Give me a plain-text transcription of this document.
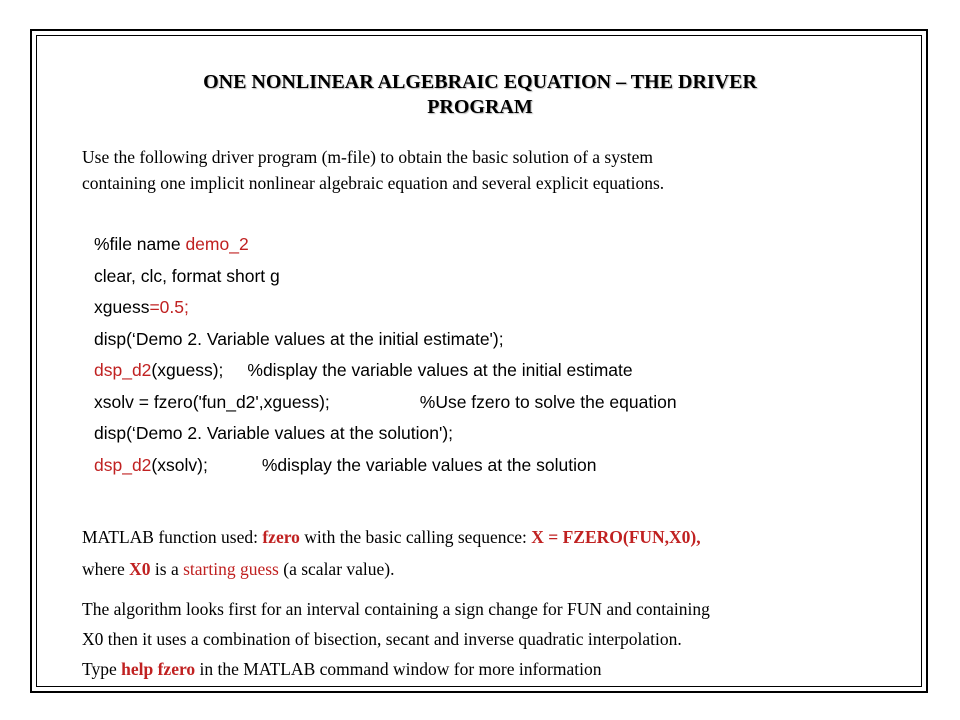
ONE NONLINEAR ALGEBRAIC EQUATION – THE DRIVER
PROGRAM
Use the following driver program (m-file) to obtain the basic solution of a system
containing one implicit nonlinear algebraic equation and several explicit equations.
%file name demo_2
clear, clc, format short g
xguess=0.5;
disp(‘Demo 2. Variable values at the initial estimate');
dsp_d2(xguess); %display the variable values at the initial estimate
xsolv = fzero('fun_d2',xguess);	%Use fzero to solve the equation
disp(‘Demo 2. Variable values at the solution');
dsp_d2(xsolv);	%display the variable values at the solution
MATLAB function used: fzero with the basic calling sequence: X = FZERO(FUN,X0),
where X0 is a starting guess (a scalar value).
The algorithm looks first for an interval containing a sign change for FUN and containing
X0 then it uses a combination of bisection, secant and inverse quadratic interpolation.
Type help fzero in the MATLAB command window for more information
